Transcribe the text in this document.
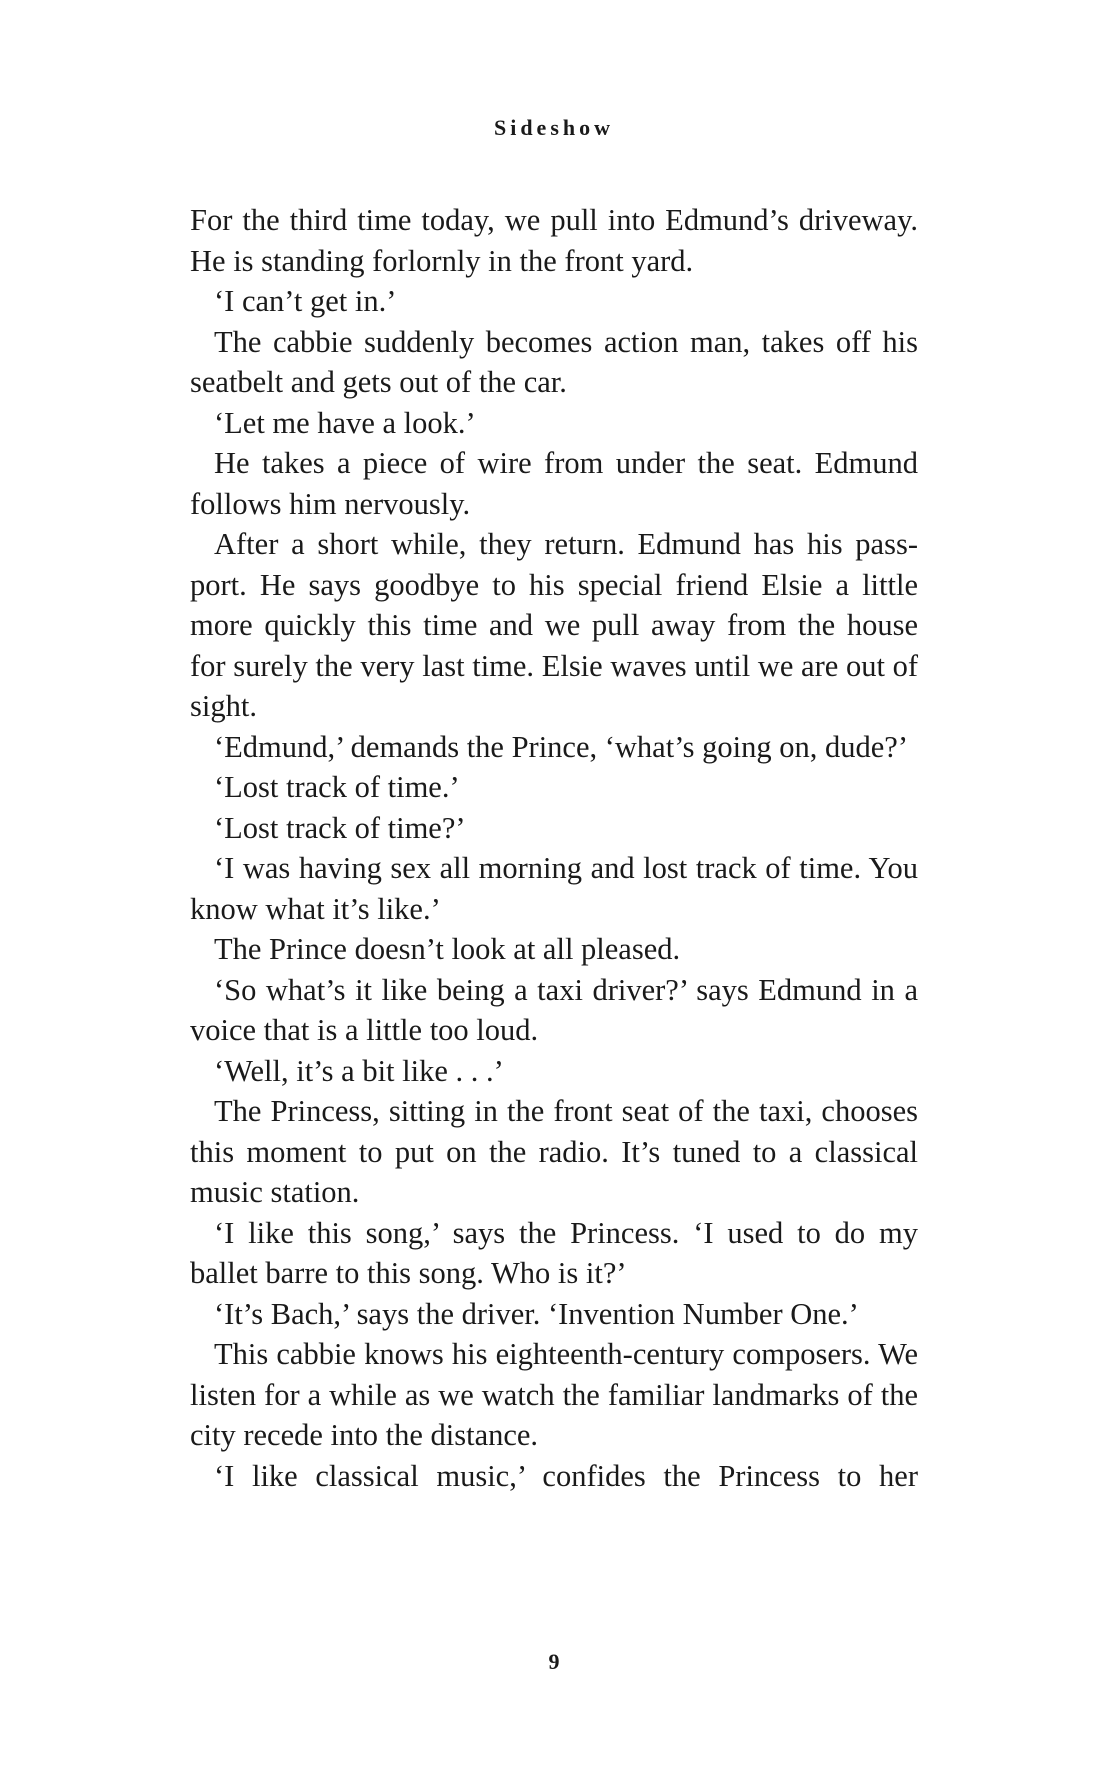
Sideshow

For the third time today, we pull into Edmund’s driveway. He is standing forlornly in the front yard.

‘I can’t get in.’

The cabbie suddenly becomes action man, takes off his seatbelt and gets out of the car.

‘Let me have a look.’

He takes a piece of wire from under the seat. Edmund follows him nervously.

After a short while, they return. Edmund has his passport. He says goodbye to his special friend Elsie a little more quickly this time and we pull away from the house for surely the very last time. Elsie waves until we are out of sight.

‘Edmund,’ demands the Prince, ‘what’s going on, dude?’

‘Lost track of time.’

‘Lost track of time?’

‘I was having sex all morning and lost track of time. You know what it’s like.’

The Prince doesn’t look at all pleased.

‘So what’s it like being a taxi driver?’ says Edmund in a voice that is a little too loud.

‘Well, it’s a bit like . . .’

The Princess, sitting in the front seat of the taxi, chooses this moment to put on the radio. It’s tuned to a classical music station.

‘I like this song,’ says the Princess. ‘I used to do my ballet barre to this song. Who is it?’

‘It’s Bach,’ says the driver. ‘Invention Number One.’

This cabbie knows his eighteenth-century composers. We listen for a while as we watch the familiar landmarks of the city recede into the distance.

‘I like classical music,’ confides the Princess to her

9
